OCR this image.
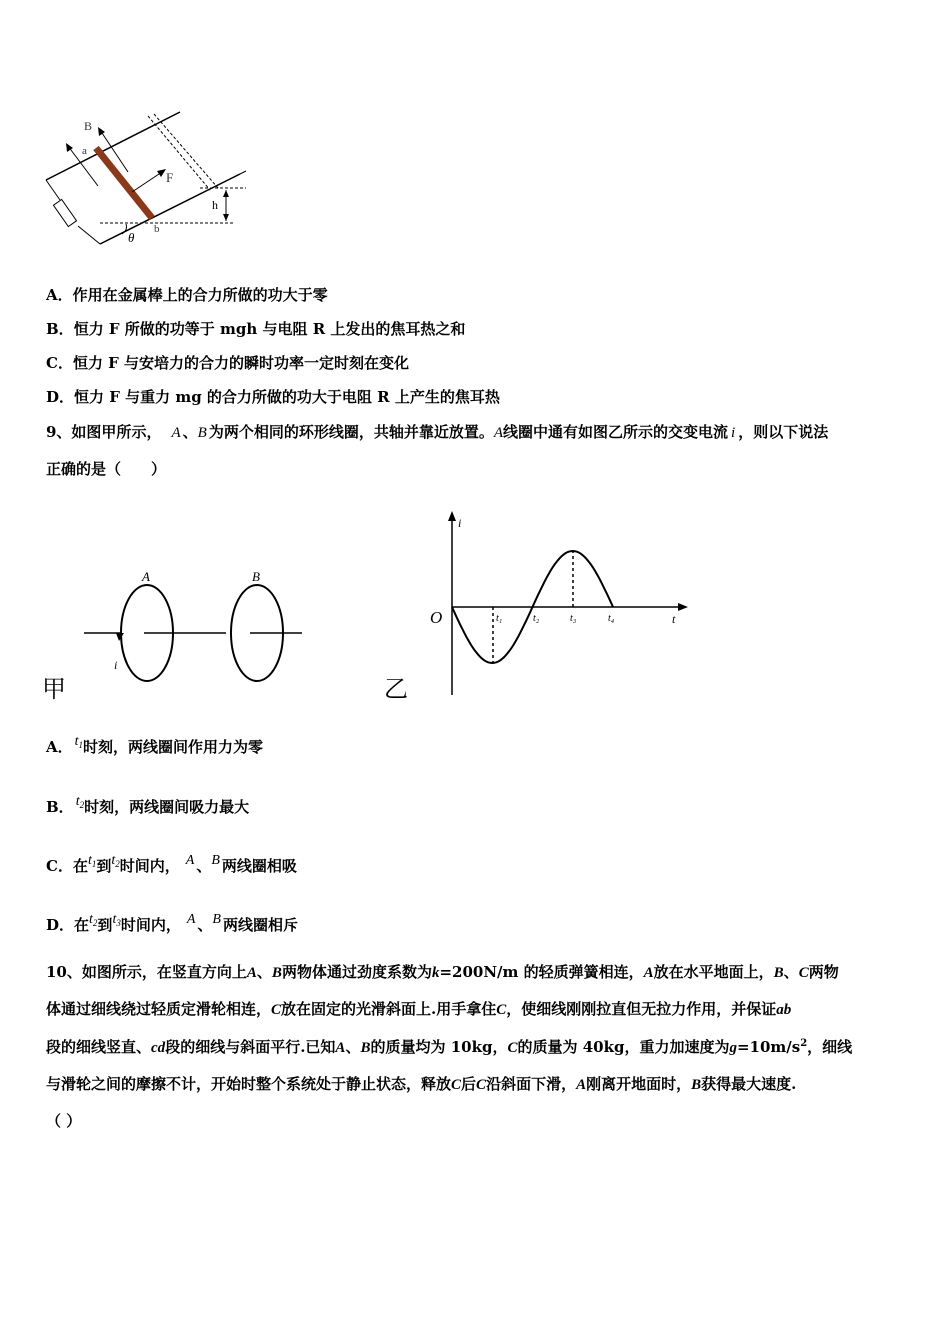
h
θ
B
a
b
F
A．作用在金属棒上的合力所做的功大于零
B．恒力 F 所做的功等于 mgh 与电阻 R 上发出的焦耳热之和
C．恒力 F 与安培力的合力的瞬时功率一定时刻在变化
D．恒力 F 与重力 mg 的合力所做的功大于电阻 R 上产生的焦耳热
9、如图甲所示， A 、B 为两个相同的环形线圈，共轴并靠近放置。A线圈中通有如图乙所示的交变电流 i ，则以下说法
正确的是（　　）
A	B
i
甲
i
O	t
t₁	t₂	t₃	t₄
乙
A． $t^1$时刻，两线圈间作用力为零
B． $t^2$时刻，两线圈间吸力最大
C．在$t^1$到$t^2$时间内， A 、B 两线圈相吸
D．在$t^2$到$t^3$时间内， A 、B 两线圈相斥
10、如图所示，在竖直方向上A、B两物体通过劲度系数为k=200N/m 的轻质弹簧相连，A放在水平地面上，B、C两物
体通过细线绕过轻质定滑轮相连，C放在固定的光滑斜面上.用手拿住C，使细线刚刚拉直但无拉力作用，并保证ab
段的细线竖直、cd段的细线与斜面平行.已知A、B的质量均为 10kg，C的质量为 40kg，重力加速度为$g=10m/s^2$，细线
与滑轮之间的摩擦不计，开始时整个系统处于静止状态，释放C后C沿斜面下滑，A刚离开地面时，B获得最大速度.
（ ）
